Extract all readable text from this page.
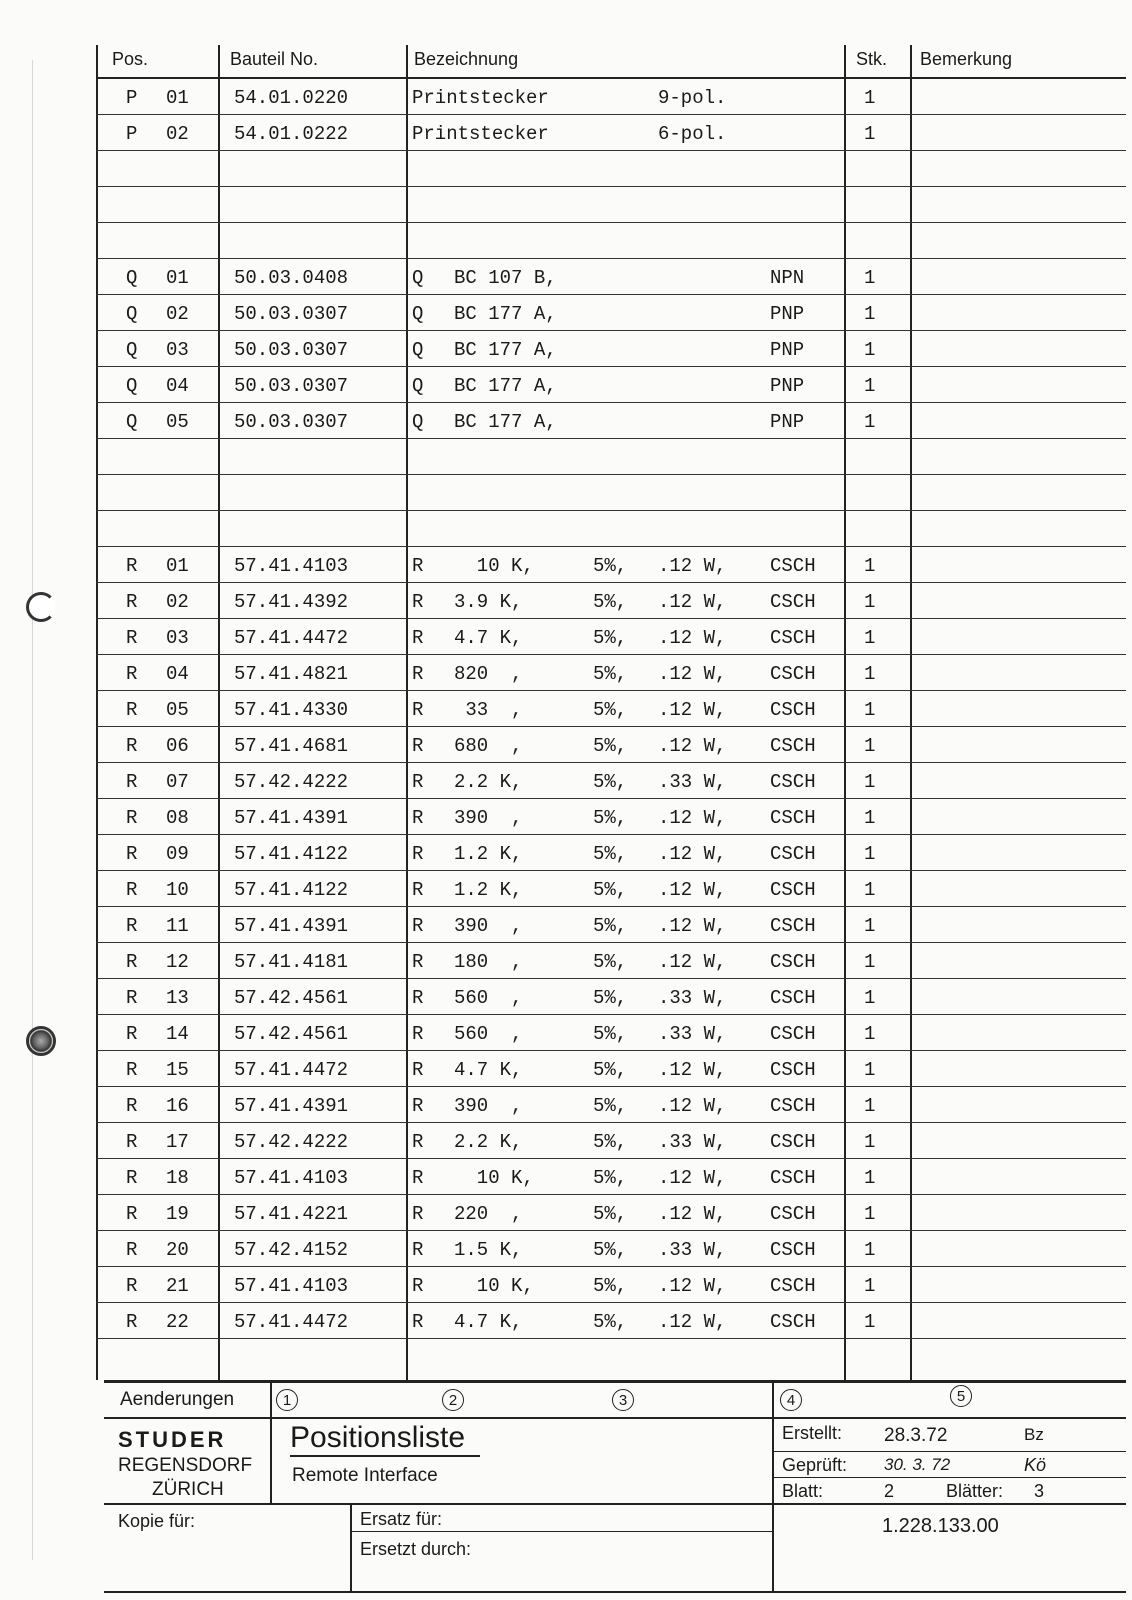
Pos.	Bauteil No.	Bezeichnung	Stk. Bemerkung
P 01 54.01.0220	Printstecker	9-pol.	1
P 02 54.01.0222	Printstecker	6-pol.	1
Q 01 50.03.0408	Q BC 107 B,	NPN	1
Q 02 50.03.0307	Q BC 177 A,	PNP	1
Q 03 50.03.0307	Q BC 177 A,	PNP	1
Q 04 50.03.0307	Q BC 177 A,	PNP	1
Q 05 50.03.0307	Q BC 177 A,	PNP	1
R 01 57.41.4103	R 10 K,	5%, .12 W, CSCH	1
R 02 57.41.4392	R 3.9 K,	5%, .12 W, CSCH	1
R 03 57.41.4472	R 4.7 K,	5%, .12 W, CSCH	1
R 04 57.41.4821	R 820  ,	5%, .12 W, CSCH	1
R 05 57.41.4330	R 33  ,	5%, .12 W, CSCH	1
R 06 57.41.4681	R 680  ,	5%, .12 W, CSCH	1
R 07 57.42.4222	R 2.2 K,	5%, .33 W, CSCH	1
R 08 57.41.4391	R 390  ,	5%, .12 W, CSCH	1
R 09 57.41.4122	R 1.2 K,	5%, .12 W, CSCH	1
R 10 57.41.4122	R 1.2 K,	5%, .12 W, CSCH	1
R 11 57.41.4391	R 390  ,	5%, .12 W, CSCH	1
R 12 57.41.4181	R 180  ,	5%, .12 W, CSCH	1
R 13 57.42.4561	R 560  ,	5%, .33 W, CSCH	1
R 14 57.42.4561	R 560  ,	5%, .33 W, CSCH	1
R 15 57.41.4472	R 4.7 K,	5%, .12 W, CSCH	1
R 16 57.41.4391	R 390  ,	5%, .12 W, CSCH	1
R 17 57.42.4222	R 2.2 K,	5%, .33 W, CSCH	1
R 18 57.41.4103	R 10 K,	5%, .12 W, CSCH	1
R 19 57.41.4221	R 220  ,	5%, .12 W, CSCH	1
R 20 57.42.4152	R 1.5 K,	5%, .33 W, CSCH	1
R 21 57.41.4103	R 10 K,	5%, .12 W, CSCH	1
R 22 57.41.4472	R 4.7 K,	5%, .12 W, CSCH	1
Aenderungen	1	2	3	4	5
STUDER
REGENSDORF
ZÜRICH
Positionsliste
Remote Interface
Erstellt: 28.3.72	Bz
Geprüft: 30. 3. 72	Kö
Blatt:	2	Blätter: 3
Kopie für:	Ersatz für:
Ersetzt durch:
1.228.133.00
